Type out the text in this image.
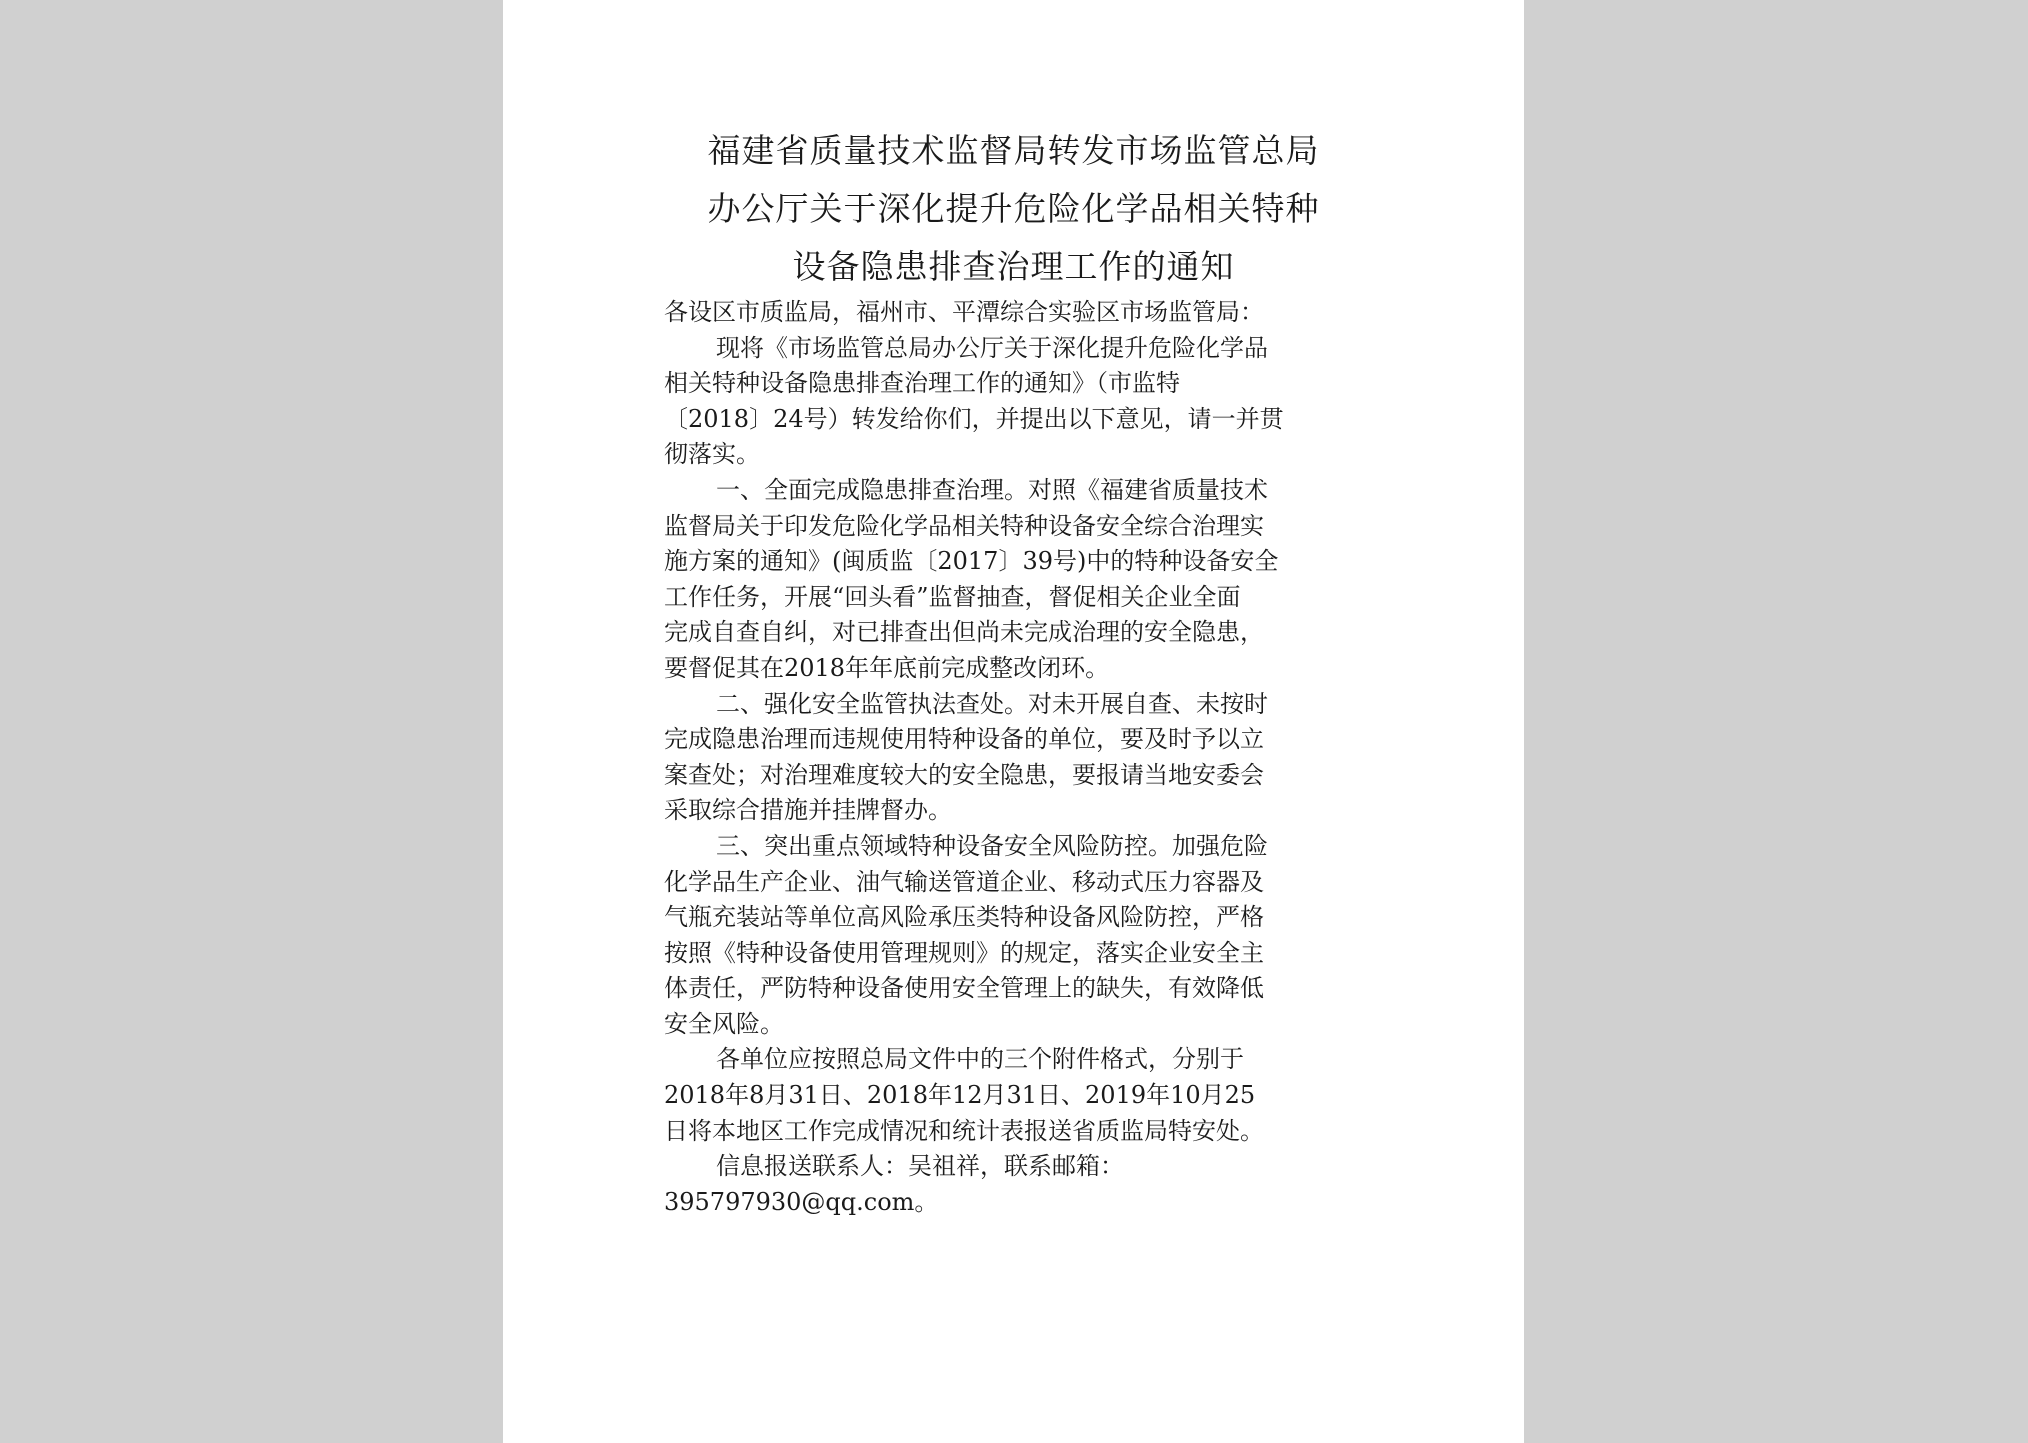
福建省质量技术监督局转发市场监管总局
办公厅关于深化提升危险化学品相关特种
设备隐患排查治理工作的通知
各设区市质监局，福州市、平潭综合实验区市场监管局：
现将《市场监管总局办公厅关于深化提升危险化学品
相关特种设备隐患排查治理工作的通知》（市监特
〔2018〕24号）转发给你们，并提出以下意见，请一并贯
彻落实。
一、全面完成隐患排查治理。对照《福建省质量技术
监督局关于印发危险化学品相关特种设备安全综合治理实
施方案的通知》(闽质监〔2017〕39号)中的特种设备安全
工作任务，开展“回头看”监督抽查，督促相关企业全面
完成自查自纠，对已排查出但尚未完成治理的安全隐患，
要督促其在2018年年底前完成整改闭环。
二、强化安全监管执法查处。对未开展自查、未按时
完成隐患治理而违规使用特种设备的单位，要及时予以立
案查处；对治理难度较大的安全隐患，要报请当地安委会
采取综合措施并挂牌督办。
三、突出重点领域特种设备安全风险防控。加强危险
化学品生产企业、油气输送管道企业、移动式压力容器及
气瓶充装站等单位高风险承压类特种设备风险防控，严格
按照《特种设备使用管理规则》的规定，落实企业安全主
体责任，严防特种设备使用安全管理上的缺失，有效降低
安全风险。
各单位应按照总局文件中的三个附件格式，分别于
2018年8月31日、2018年12月31日、2019年10月25
日将本地区工作完成情况和统计表报送省质监局特安处。
信息报送联系人：吴祖祥，联系邮箱：
395797930@qq.com。
